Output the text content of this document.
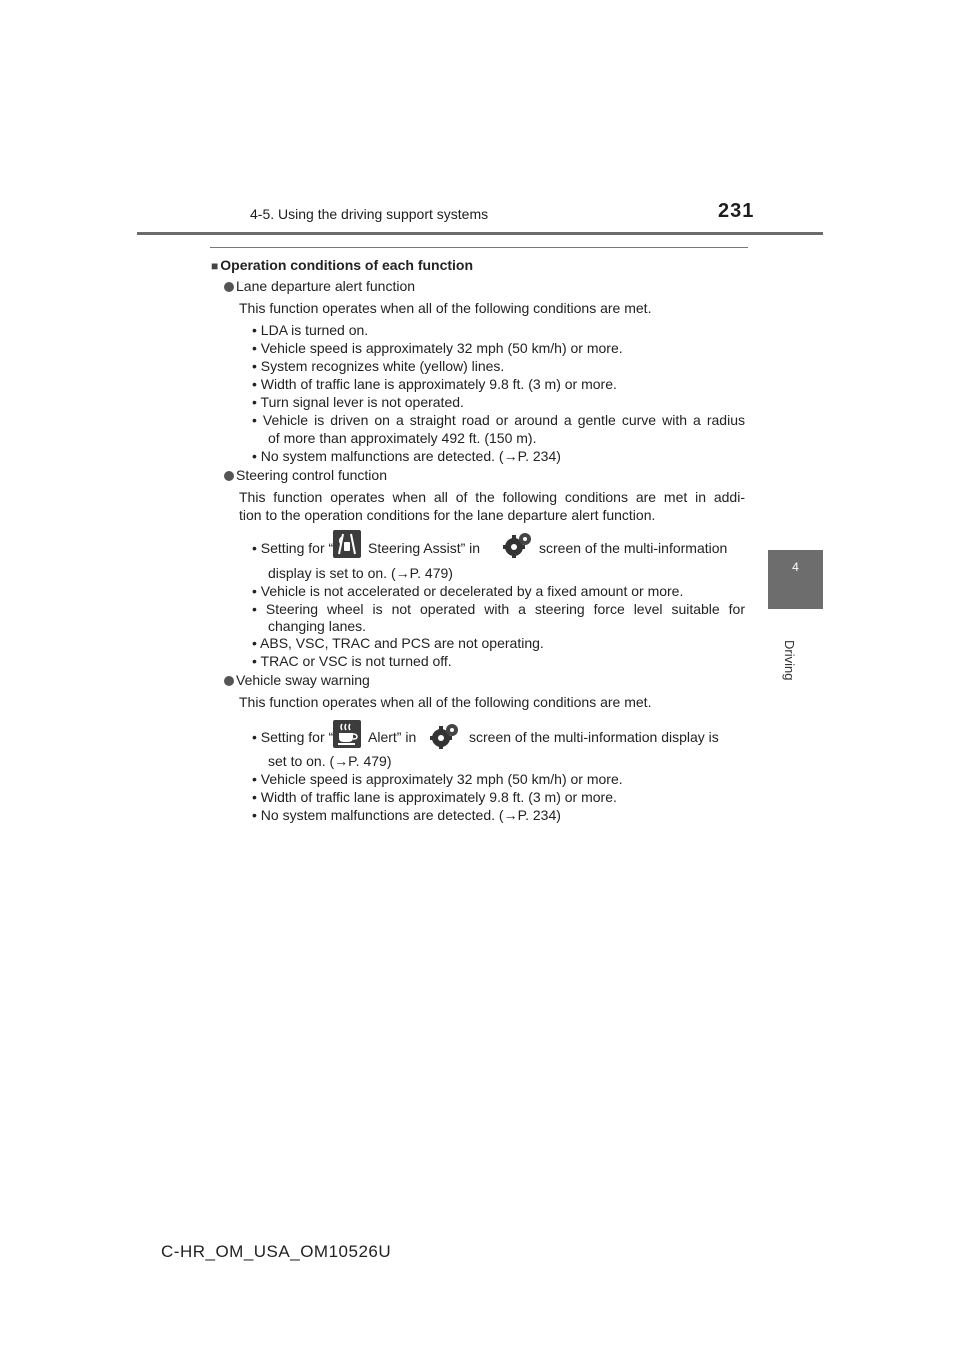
4-5. Using the driving support systems	231
4
Driving
■ Operation conditions of each function
Lane departure alert function
This function operates when all of the following conditions are met.
• LDA is turned on.
• Vehicle speed is approximately 32 mph (50 km/h) or more.
• System recognizes white (yellow) lines.
• Width of traffic lane is approximately 9.8 ft. (3 m) or more.
• Turn signal lever is not operated.
• Vehicle is driven on a straight road or around a gentle curve with a radius
of more than approximately 492 ft. (150 m).
• No system malfunctions are detected. (→P. 234)
Steering control function
This function operates when all of the following conditions are met in addi-
tion to the operation conditions for the lane departure alert function.
• Setting for “ Steering Assist” in	screen of the multi-information
display is set to on. (→P. 479)
• Vehicle is not accelerated or decelerated by a fixed amount or more.
• Steering wheel is not operated with a steering force level suitable for
changing lanes.
• ABS, VSC, TRAC and PCS are not operating.
• TRAC or VSC is not turned off.
Vehicle sway warning
This function operates when all of the following conditions are met.
• Setting for “ Alert” in	screen of the multi-information display is
set to on. (→P. 479)
• Vehicle speed is approximately 32 mph (50 km/h) or more.
• Width of traffic lane is approximately 9.8 ft. (3 m) or more.
• No system malfunctions are detected. (→P. 234)
C-HR_OM_USA_OM10526U
